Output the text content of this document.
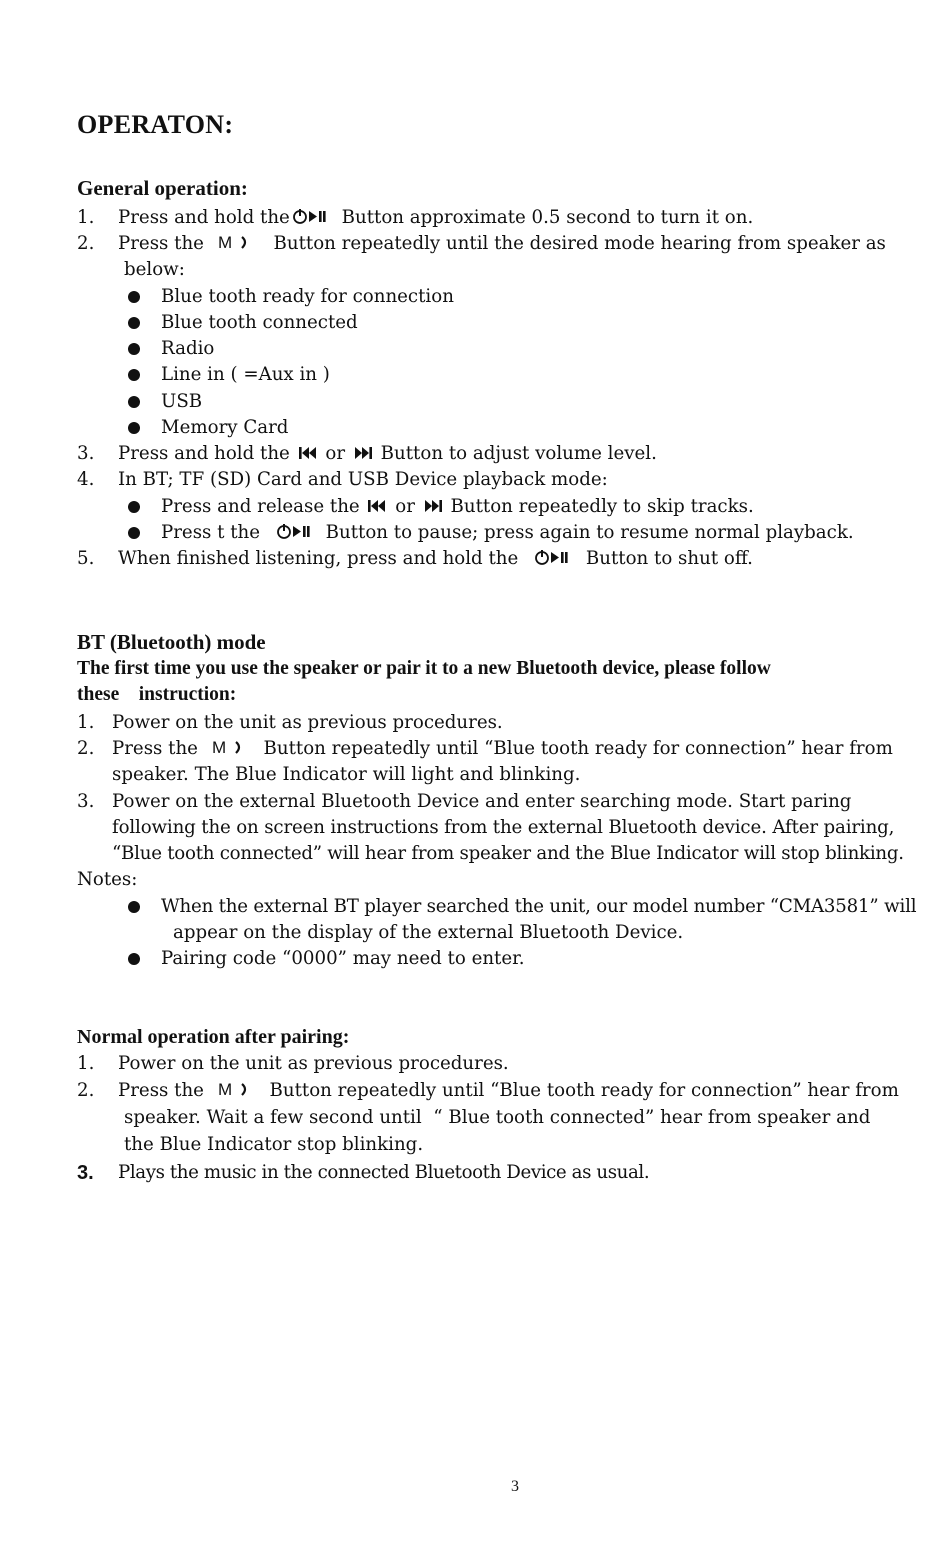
OPERATON:
General operation:
1. Press and hold the	Button approximate 0.5 second to turn it on.
2. Press the M Button repeatedly until the desired mode hearing from speaker as
below:
Blue tooth ready for connection
Blue tooth connected
Radio
Line in ( =Aux in )
USB
Memory Card
3. Press and hold the or Button to adjust volume level.
4. In BT; TF (SD) Card and USB Device playback mode:
Press and release the or Button repeatedly to skip tracks.
Press t the	Button to pause; press again to resume normal playback.
5. When finished listening, press and hold the	Button to shut off.
BT (Bluetooth) mode
The first time you use the speaker or pair it to a new Bluetooth device, please follow
these    instruction:
1. Power on the unit as previous procedures.
2. Press the M Button repeatedly until “Blue tooth ready for connection” hear from
speaker. The Blue Indicator will light and blinking.
3. Power on the external Bluetooth Device and enter searching mode. Start paring
following the on screen instructions from the external Bluetooth device. After pairing,
“Blue tooth connected” will hear from speaker and the Blue Indicator will stop blinking.
Notes:
When the external BT player searched the unit, our model number “CMA3581” will
appear on the display of the external Bluetooth Device.
Pairing code “0000” may need to enter.
Normal operation after pairing:
1. Power on the unit as previous procedures.
2. Press the M Button repeatedly until “Blue tooth ready for connection” hear from
speaker. Wait a few second until  “ Blue tooth connected” hear from speaker and
the Blue Indicator stop blinking.
3. Plays the music in the connected Bluetooth Device as usual.
3
